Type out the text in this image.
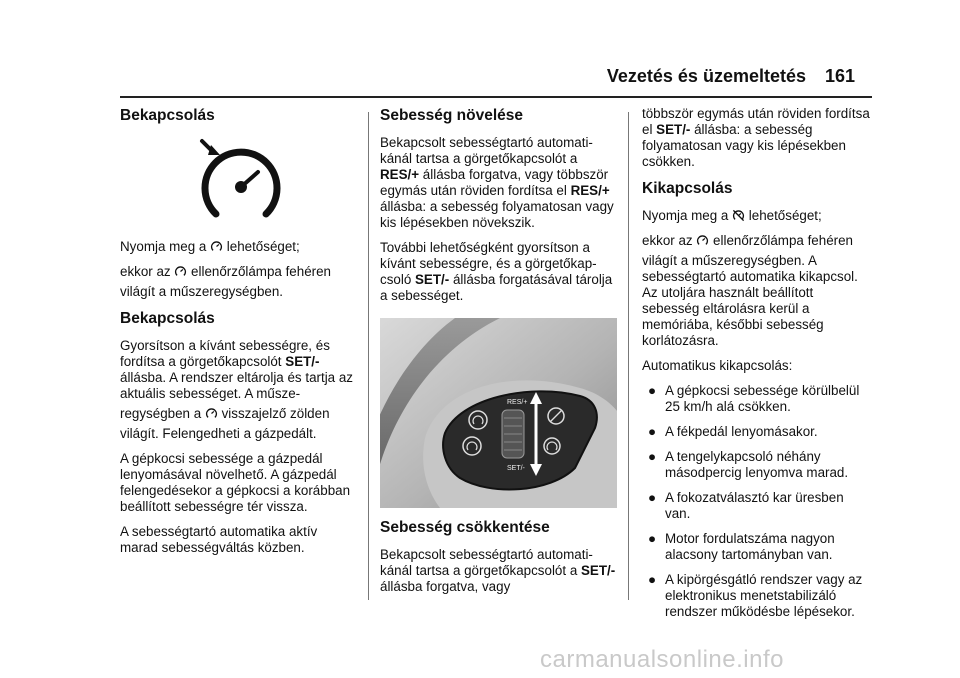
Vezetés és üzemeltetés 161
Bekapcsolás

Nyomja meg a  lehetőséget;

ekkor az  ellenőrzőlámpa fehéren

világít a műszeregységben.

Bekapcsolás

Gyorsítson a kívánt sebességre, és fordítsa a görgetőkapcsolót SET/- állásba. A rendszer eltárolja és tartja az aktuális sebességet. A műsze-

regységben a  visszajelző zölden

világít. Felengedheti a gázpedált.

A gépkocsi sebessége a gázpedál lenyomásával növelhető. A gázpedál felengedésekor a gépkocsi a korábban beállított sebességre tér vissza.

A sebességtartó automatika aktív marad sebességváltás közben.

Sebesség növelése

Bekapcsolt sebességtartó automati-kánál tartsa a görgetőkapcsolót a RES/+ állásba forgatva, vagy többször egymás után röviden fordítsa el RES/+ állásba: a sebesség folyamatosan vagy kis lépésekben növekszik.

További lehetőségként gyorsítson a kívánt sebességre, és a görgetőkap-csoló SET/- állásba forgatásával tárolja a sebességet.

RES/+
SET/-
Sebesség csökkentése

Bekapcsolt sebességtartó automati-kánál tartsa a görgetőkapcsolót a SET/- állásba forgatva, vagy

többször egymás után röviden fordítsa el SET/- állásba: a sebesség folyamatosan vagy kis lépésekben csökken.

Kikapcsolás

Nyomja meg a  lehetőséget;

ekkor az  ellenőrzőlámpa fehéren

világít a műszeregységben. A sebességtartó automatika kikapcsol. Az utoljára használt beállított sebesség eltárolásra kerül a memóriába, későbbi sebesség korlátozásra.

Automatikus kikapcsolás:

● A gépkocsi sebessége körülbelül 25 km/h alá csökken.
● A fékpedál lenyomásakor.
● A tengelykapcsoló néhány másodpercig lenyomva marad.
● A fokozatválasztó kar üresben van.
● Motor fordulatszáma nagyon alacsony tartományban van.
● A kipörgésgátló rendszer vagy az elektronikus menetstabilizáló rendszer működésbe lépésekor.
carmanualsonline.info
